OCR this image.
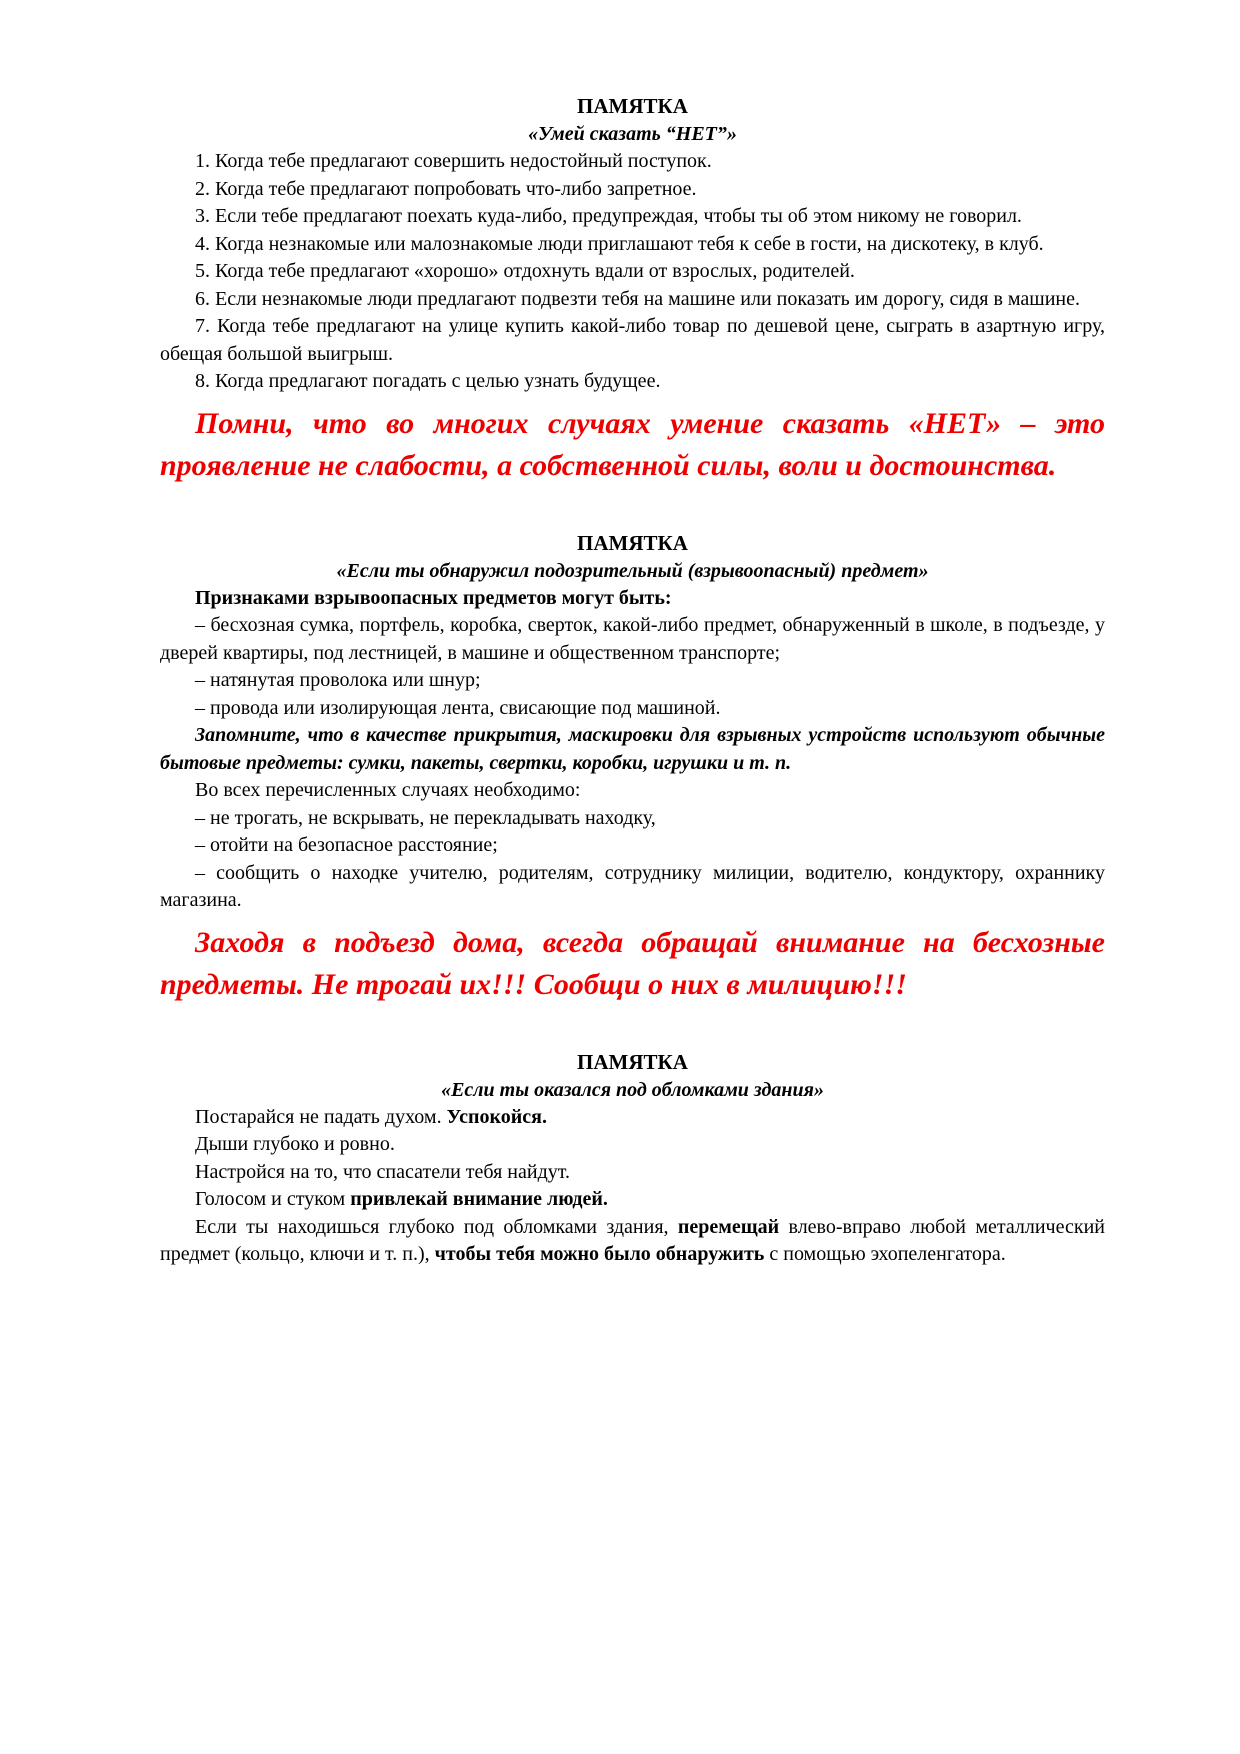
ПАМЯТКА
«Умей сказать “НЕТ”»

1. Когда тебе предлагают совершить недостойный поступок.

2. Когда тебе предлагают попробовать что-либо запретное.

3. Если тебе предлагают поехать куда-либо, предупреждая, чтобы ты об этом никому не говорил.

4. Когда незнакомые или малознакомые люди приглашают тебя к себе в гости, на дискотеку, в клуб.

5. Когда тебе предлагают «хорошо» отдохнуть вдали от взрослых, родителей.

6. Если незнакомые люди предлагают подвезти тебя на машине или показать им дорогу, сидя в машине.

7. Когда тебе предлагают на улице купить какой-либо товар по дешевой цене, сыграть в азартную игру, обещая большой выигрыш.

8. Когда предлагают погадать с целью узнать будущее.

Помни, что во многих случаях умение сказать «НЕТ» – это проявление не слабости, а собственной силы, воли и достоинства.

ПАМЯТКА
«Если ты обнаружил подозрительный (взрывоопасный) предмет»

Признаками взрывоопасных предметов могут быть:

– бесхозная сумка, портфель, коробка, сверток, какой-либо предмет, обнаруженный в школе, в подъезде, у дверей квартиры, под лестницей, в машине и общественном транспорте;

– натянутая проволока или шнур;

– провода или изолирующая лента, свисающие под машиной.

Запомните, что в качестве прикрытия, маскировки для взрывных устройств используют обычные бытовые предметы: сумки, пакеты, свертки, коробки, игрушки и т. п.

Во всех перечисленных случаях необходимо:

– не трогать, не вскрывать, не перекладывать находку,

– отойти на безопасное расстояние;

– сообщить о находке учителю, родителям, сотруднику милиции, водителю, кондуктору, охраннику магазина.

Заходя в подъезд дома, всегда обращай внимание на бесхозные предметы. Не трогай их!!! Сообщи о них в милицию!!!

ПАМЯТКА
«Если ты оказался под обломками здания»

Постарайся не падать духом. Успокойся.

Дыши глубоко и ровно.

Настройся на то, что спасатели тебя найдут.

Голосом и стуком привлекай внимание людей.

Если ты находишься глубоко под обломками здания, перемещай влево-вправо любой металлический предмет (кольцо, ключи и т. п.), чтобы тебя можно было обнаружить с помощью эхопеленгатора.
